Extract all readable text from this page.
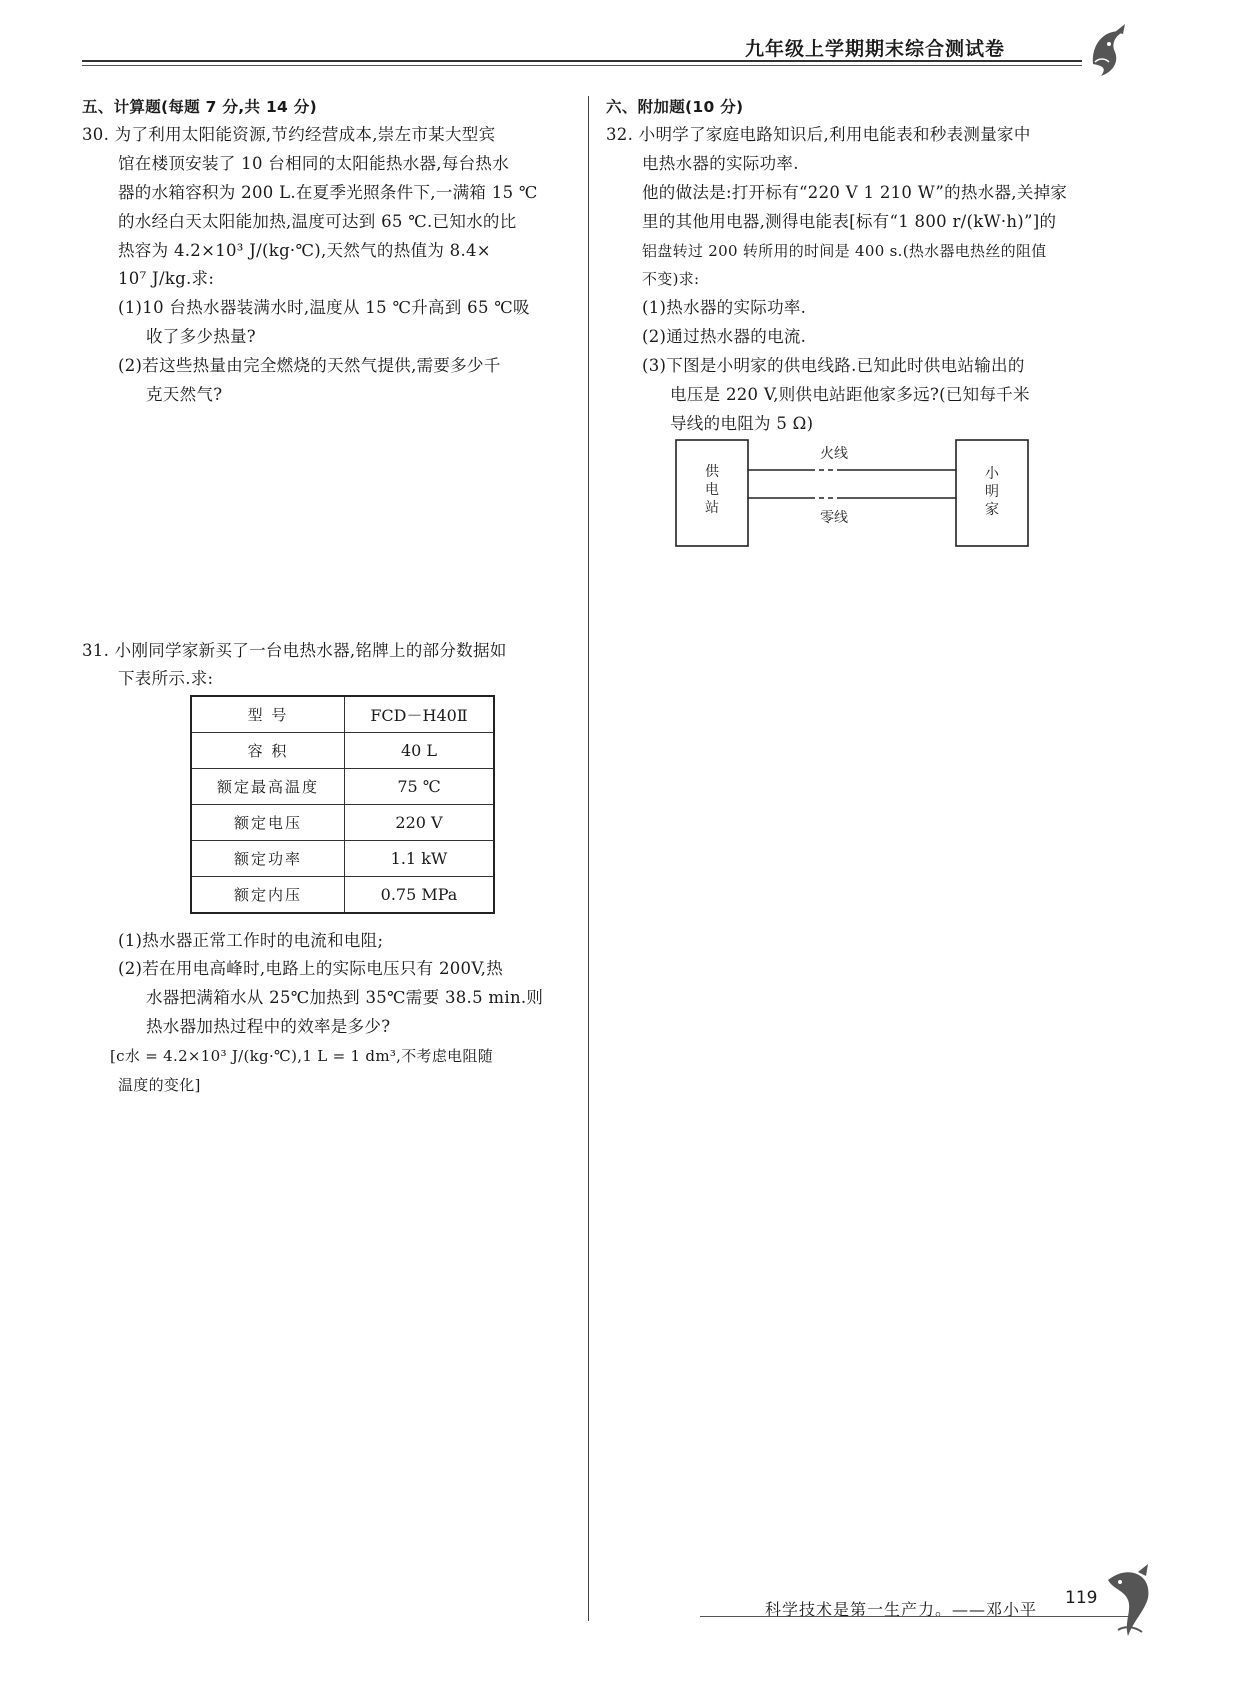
九年级上学期期末综合测试卷
五、计算题(每题 7 分,共 14 分)
30. 为了利用太阳能资源,节约经营成本,崇左市某大型宾
馆在楼顶安装了 10 台相同的太阳能热水器,每台热水
器的水箱容积为 200 L.在夏季光照条件下,一满箱 15 ℃
的水经白天太阳能加热,温度可达到 65 ℃.已知水的比
热容为 4.2×10³ J/(kg·℃),天然气的热值为 8.4×
10⁷ J/kg.求:
(1)10 台热水器装满水时,温度从 15 ℃升高到 65 ℃吸
收了多少热量?
(2)若这些热量由完全燃烧的天然气提供,需要多少千
克天然气?
31. 小刚同学家新买了一台电热水器,铭牌上的部分数据如
下表所示.求:
型 号	FCD－H40Ⅱ
容 积	40 L
额定最高温度	75 ℃
额定电压	220 V
额定功率	1.1 kW
额定内压	0.75 MPa
(1)热水器正常工作时的电流和电阻;
(2)若在用电高峰时,电路上的实际电压只有 200V,热
水器把满箱水从 25℃加热到 35℃需要 38.5 min.则
热水器加热过程中的效率是多少?
[c水 = 4.2×10³ J/(kg·℃),1 L = 1 dm³,不考虑电阻随
温度的变化]
六、附加题(10 分)
32. 小明学了家庭电路知识后,利用电能表和秒表测量家中
电热水器的实际功率.
他的做法是:打开标有“220 V 1 210 W”的热水器,关掉家
里的其他用电器,测得电能表[标有“1 800 r/(kW·h)”]的
铝盘转过 200 转所用的时间是 400 s.(热水器电热丝的阻值
不变)求:
(1)热水器的实际功率.
(2)通过热水器的电流.
(3)下图是小明家的供电线路.已知此时供电站输出的
电压是 220 V,则供电站距他家多远?(已知每千米
导线的电阻为 5 Ω)
火线
零线
供
电
站
小
明
家
科学技术是第一生产力。——邓小平
119
